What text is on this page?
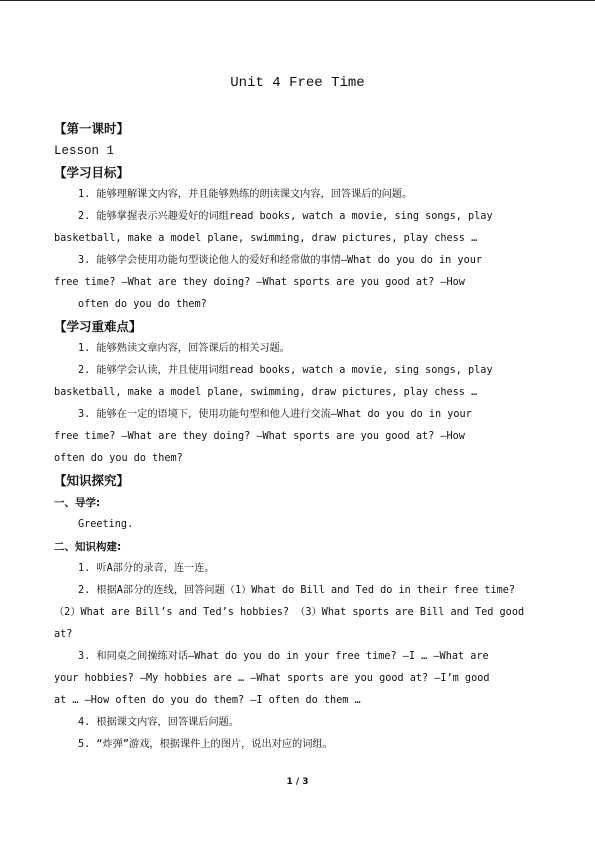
Unit 4 Free Time
【第一课时】
Lesson 1
【学习目标】
1. 能够理解课文内容，并且能够熟练的朗读课文内容，回答课后的问题。
2. 能够掌握表示兴趣爱好的词组read books, watch a movie, sing songs, play
basketball, make a model plane, swimming, draw pictures, play chess …
3. 能够学会使用功能句型谈论他人的爱好和经常做的事情—What do you do in your
free time? —What are they doing? —What sports are you good at? —How
often do you do them?
【学习重难点】
1. 能够熟读文章内容，回答课后的相关习题。
2. 能够学会认读，并且使用词组read books, watch a movie, sing songs, play
basketball, make a model plane, swimming, draw pictures, play chess …
3. 能够在一定的语境下，使用功能句型和他人进行交流—What do you do in your
free time? —What are they doing? —What sports are you good at? —How
often do you do them?
【知识探究】
一、导学:
Greeting.
二、知识构建:
1. 听A部分的录音，连一连。
2. 根据A部分的连线，回答问题（1）What do Bill and Ted do in their free time?
（2）What are Bill’s and Ted’s hobbies? （3）What sports are Bill and Ted good
at?
3. 和同桌之间操练对话—What do you do in your free time? —I … —What are
your hobbies? —My hobbies are … —What sports are you good at? —I’m good
at … —How often do you do them? —I often do them …
4. 根据课文内容，回答课后问题。
5. “炸弹”游戏，根据课件上的图片，说出对应的词组。
1 / 3
